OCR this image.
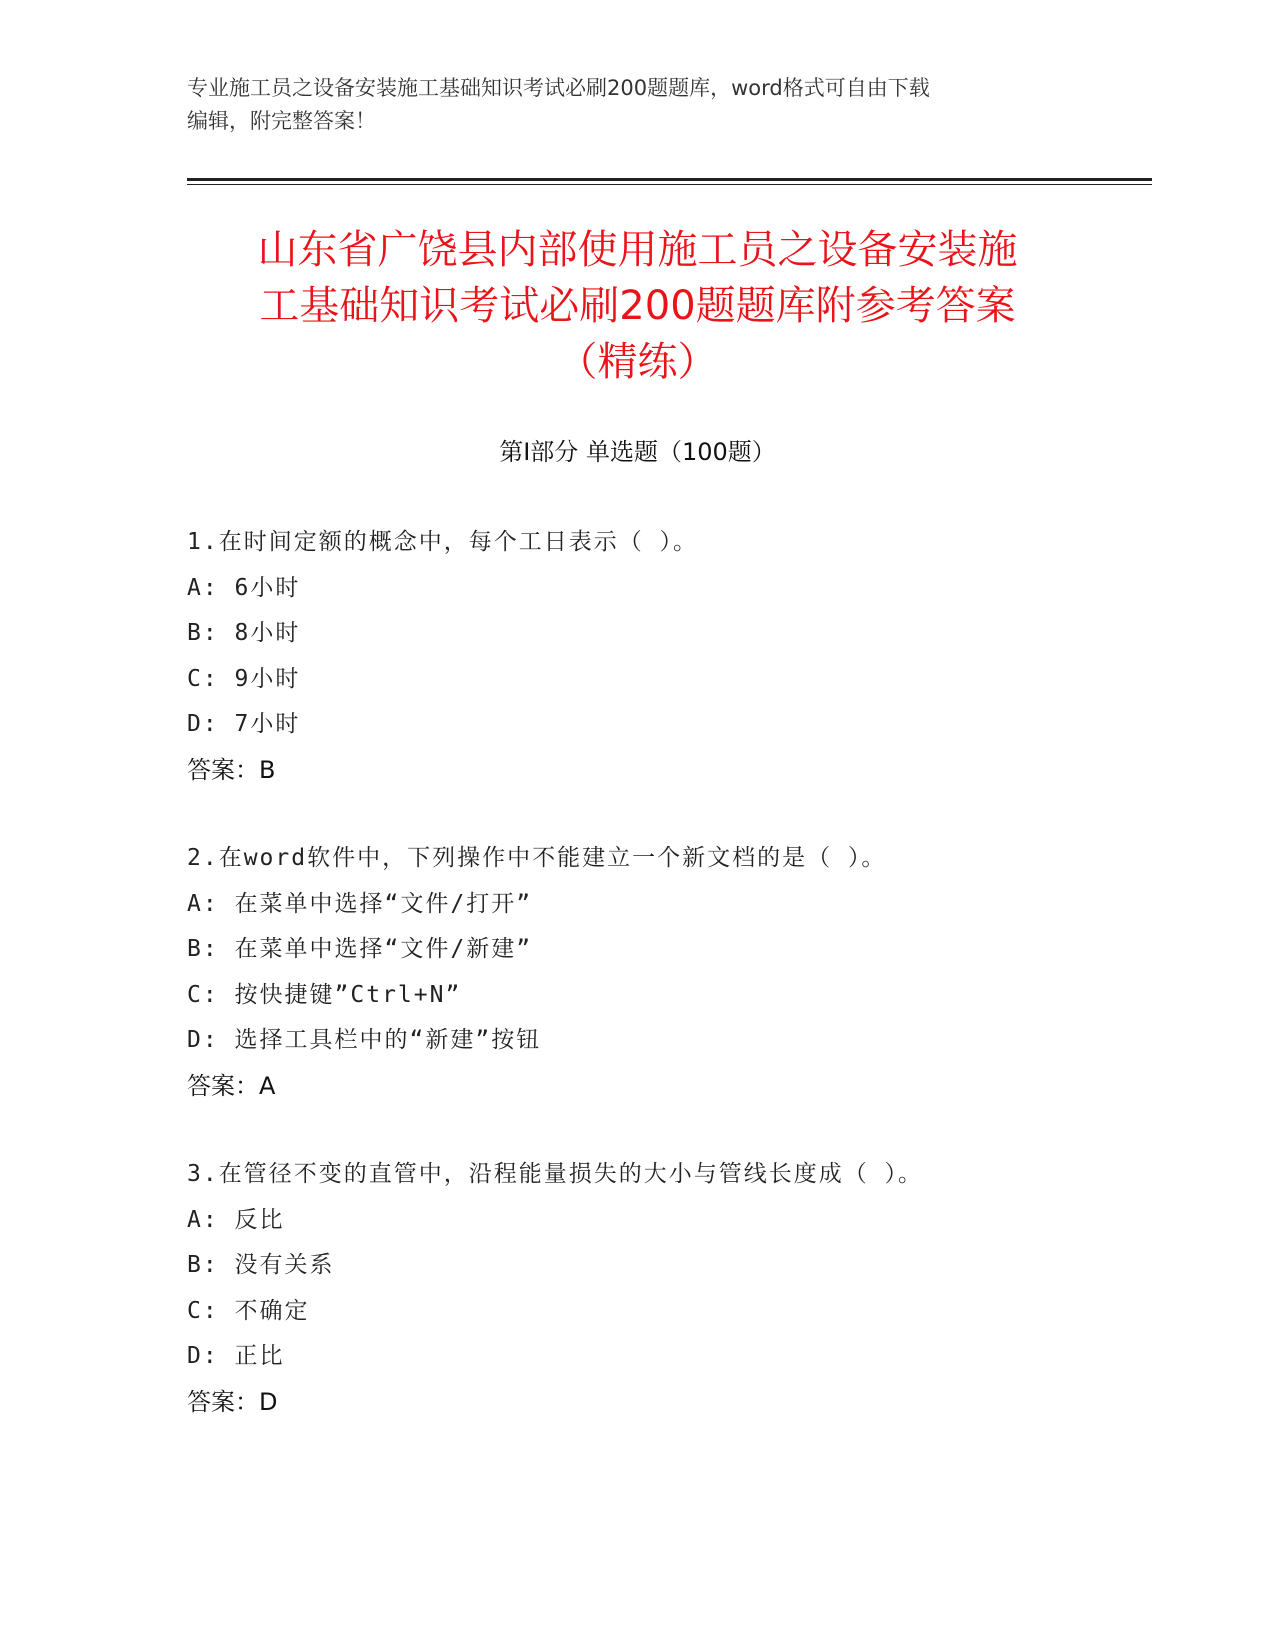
专业施工员之设备安装施工基础知识考试必刷200题题库，word格式可自由下载
编辑，附完整答案！
山东省广饶县内部使用施工员之设备安装施
工基础知识考试必刷200题题库附参考答案
（精练）
第Ⅰ部分 单选题（100题）
1.在时间定额的概念中，每个工日表示（ ）。
A: 6小时
B: 8小时
C: 9小时
D: 7小时
答案：B
2.在word软件中，下列操作中不能建立一个新文档的是（ ）。
A: 在菜单中选择“文件/打开”
B: 在菜单中选择“文件/新建”
C: 按快捷键”Ctrl+N”
D: 选择工具栏中的“新建”按钮
答案：A
3.在管径不变的直管中，沿程能量损失的大小与管线长度成（ ）。
A: 反比
B: 没有关系
C: 不确定
D: 正比
答案：D
